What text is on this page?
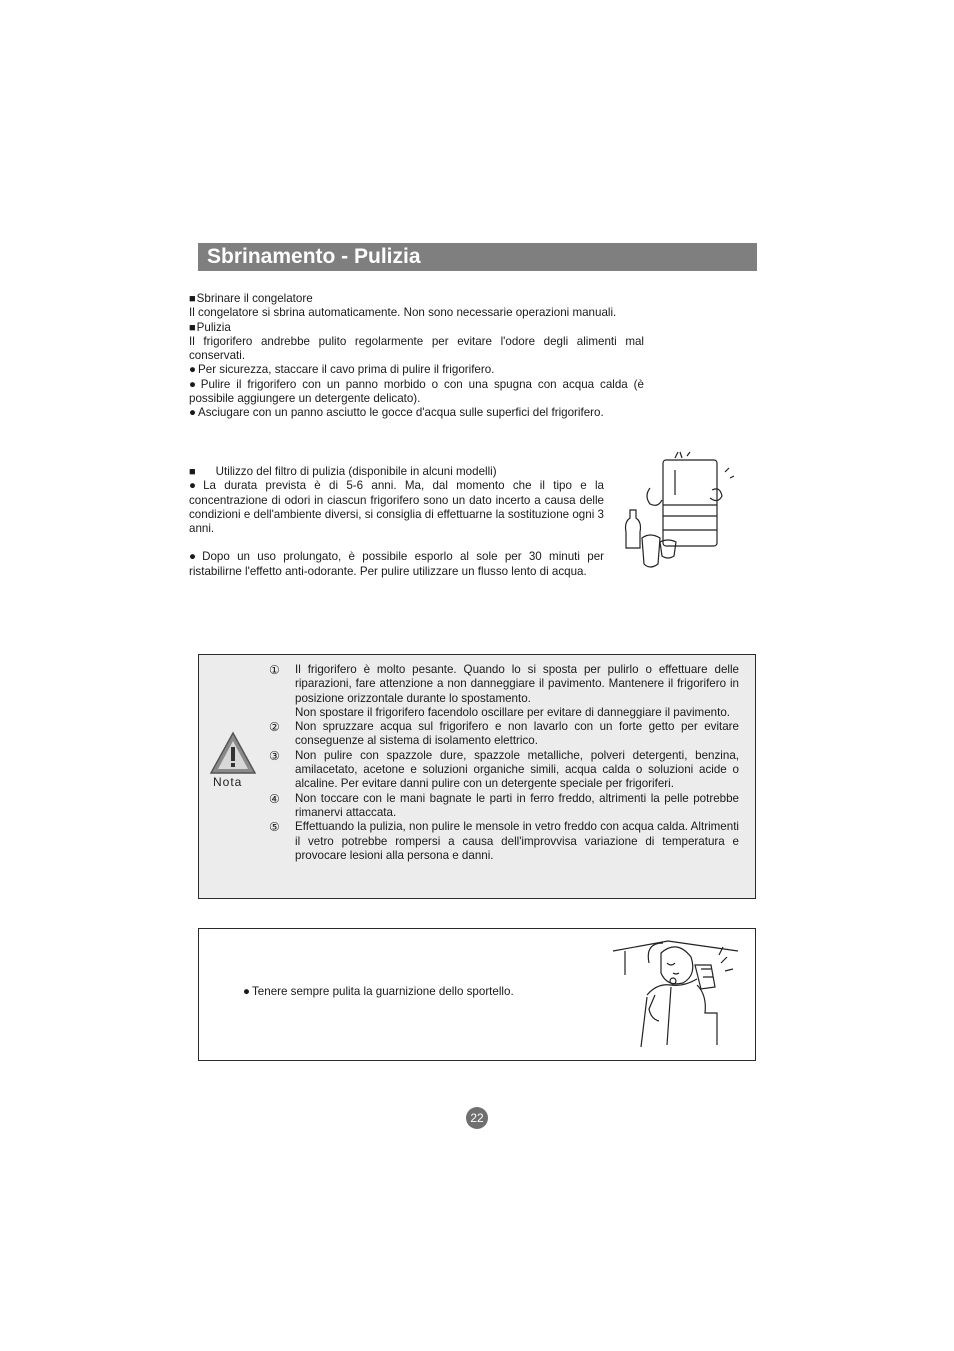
Sbrinamento - Pulizia

■Sbrinare il congelatore

Il congelatore si sbrina automaticamente. Non sono necessarie operazioni manuali.

■Pulizia

Il frigorifero andrebbe pulito regolarmente per evitare l'odore degli alimenti mal conservati.

● Per sicurezza, staccare il cavo prima di pulire il frigorifero.

● Pulire il frigorifero con un panno morbido o con una spugna con acqua calda (è possibile aggiungere un detergente delicato).

● Asciugare con un panno asciutto le gocce d'acqua sulle superfici del frigorifero.

■ Utilizzo del filtro di pulizia (disponibile in alcuni modelli)

● La durata prevista è di 5-6 anni. Ma, dal momento che il tipo e la concentrazione di odori in ciascun frigorifero sono un dato incerto a causa delle condizioni e dell'ambiente diversi, si consiglia di effettuarne la sostituzione ogni 3 anni.

● Dopo un uso prolungato, è possibile esporlo al sole per 30 minuti per ristabilirne l'effetto anti-odorante. Per pulire utilizzare un flusso lento di acqua.

Nota
①	Il frigorifero è molto pesante. Quando lo si sposta per pulirlo o effettuare delle riparazioni, fare attenzione a non danneggiare il pavimento. Mantenere il frigorifero in posizione orizzontale durante lo spostamento.

Non spostare il frigorifero facendolo oscillare per evitare di danneggiare il pavimento.

②	Non spruzzare acqua sul frigorifero e non lavarlo con un forte getto per evitare conseguenze al sistema di isolamento elettrico.

③	Non pulire con spazzole dure, spazzole metalliche, polveri detergenti, benzina, amilacetato, acetone e soluzioni organiche simili, acqua calda o soluzioni acide o alcaline. Per evitare danni pulire con un detergente speciale per frigoriferi.

④	Non toccare con le mani bagnate le parti in ferro freddo, altrimenti la pelle potrebbe rimanervi attaccata.

⑤	Effettuando la pulizia, non pulire le mensole in vetro freddo con acqua calda. Altrimenti il vetro potrebbe rompersi a causa dell'improvvisa variazione di temperatura e provocare lesioni alla persona e danni.

● Tenere sempre pulita la guarnizione dello sportello.
22
